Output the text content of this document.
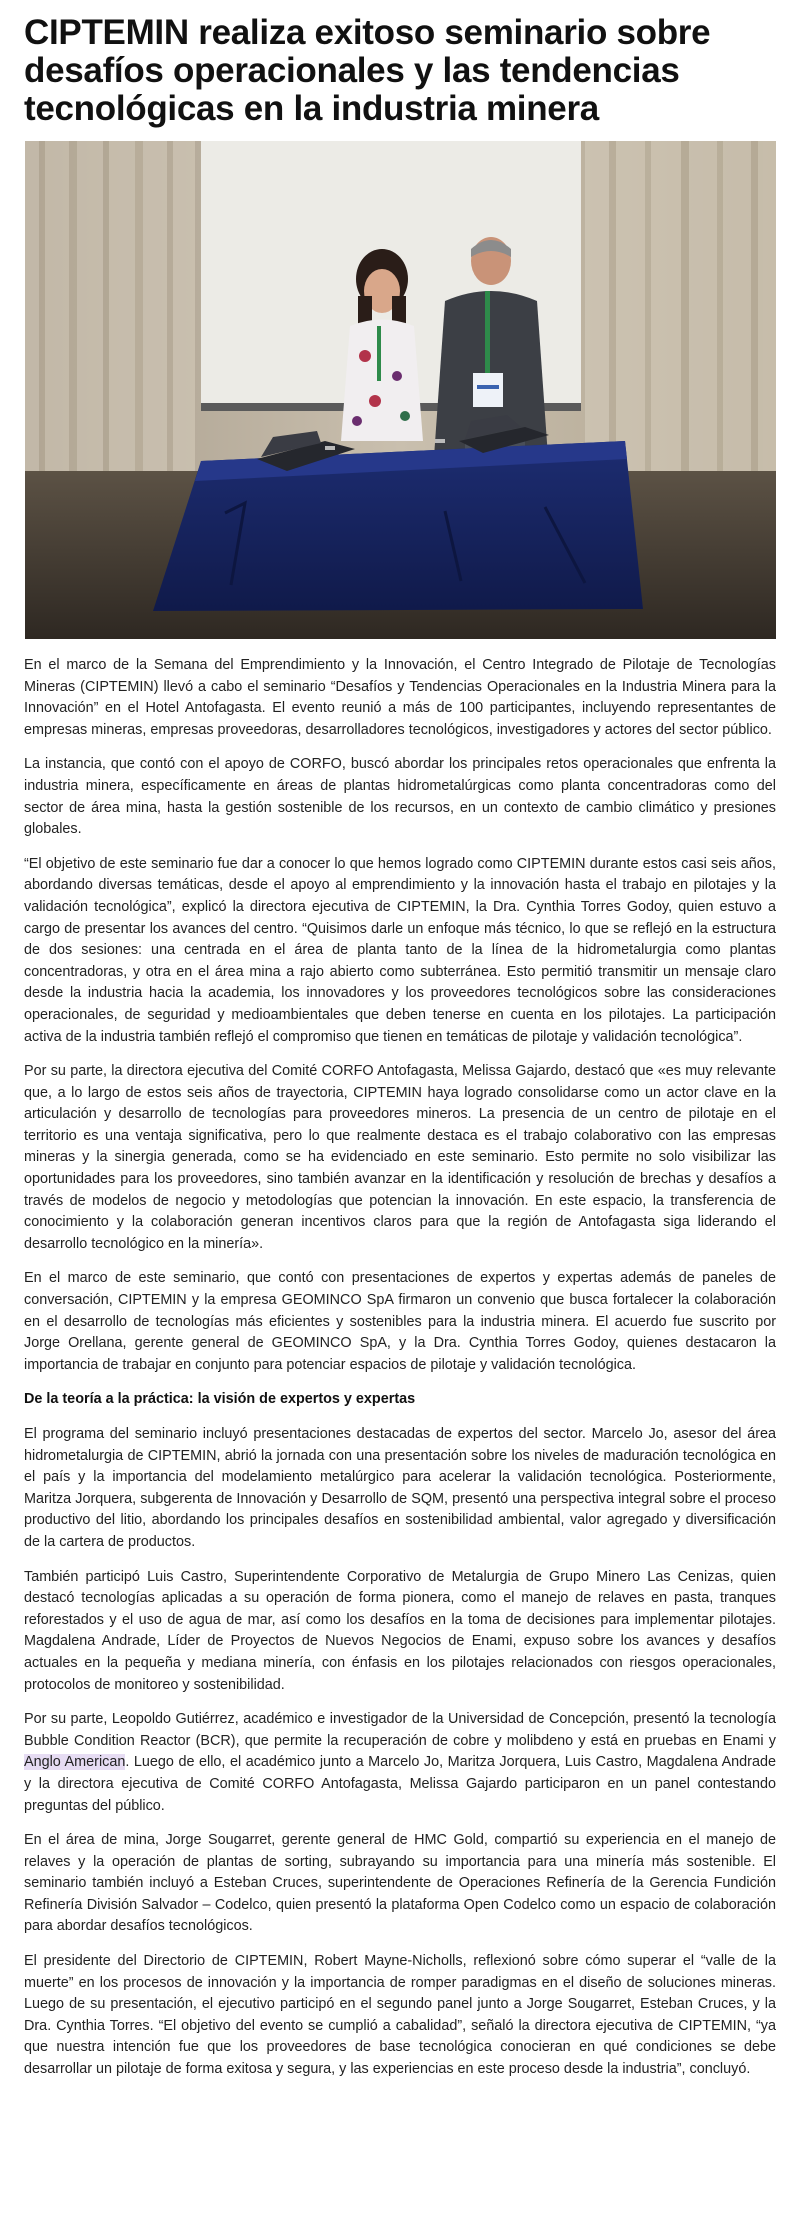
CIPTEMIN realiza exitoso seminario sobre desafíos operacionales y las tendencias tecnológicas en la industria minera

En el marco de la Semana del Emprendimiento y la Innovación, el Centro Integrado de Pilotaje de Tecnologías Mineras (CIPTEMIN) llevó a cabo el seminario “Desafíos y Tendencias Operacionales en la Industria Minera para la Innovación” en el Hotel Antofagasta. El evento reunió a más de 100 participantes, incluyendo representantes de empresas mineras, empresas proveedoras, desarrolladores tecnológicos, investigadores y actores del sector público.

La instancia, que contó con el apoyo de CORFO, buscó abordar los principales retos operacionales que enfrenta la industria minera, específicamente en áreas de plantas hidrometalúrgicas como planta concentradoras como del sector de área mina, hasta la gestión sostenible de los recursos, en un contexto de cambio climático y presiones globales.

“El objetivo de este seminario fue dar a conocer lo que hemos logrado como CIPTEMIN durante estos casi seis años, abordando diversas temáticas, desde el apoyo al emprendimiento y la innovación hasta el trabajo en pilotajes y la validación tecnológica”, explicó la directora ejecutiva de CIPTEMIN, la Dra. Cynthia Torres Godoy, quien estuvo a cargo de presentar los avances del centro. “Quisimos darle un enfoque más técnico, lo que se reflejó en la estructura de dos sesiones: una centrada en el área de planta tanto de la línea de la hidrometalurgia como plantas concentradoras, y otra en el área mina a rajo abierto como subterránea. Esto permitió transmitir un mensaje claro desde la industria hacia la academia, los innovadores y los proveedores tecnológicos sobre las consideraciones operacionales, de seguridad y medioambientales que deben tenerse en cuenta en los pilotajes. La participación activa de la industria también reflejó el compromiso que tienen en temáticas de pilotaje y validación tecnológica”.

Por su parte, la directora ejecutiva del Comité CORFO Antofagasta, Melissa Gajardo, destacó que «es muy relevante que, a lo largo de estos seis años de trayectoria, CIPTEMIN haya logrado consolidarse como un actor clave en la articulación y desarrollo de tecnologías para proveedores mineros. La presencia de un centro de pilotaje en el territorio es una ventaja significativa, pero lo que realmente destaca es el trabajo colaborativo con las empresas mineras y la sinergia generada, como se ha evidenciado en este seminario. Esto permite no solo visibilizar las oportunidades para los proveedores, sino también avanzar en la identificación y resolución de brechas y desafíos a través de modelos de negocio y metodologías que potencian la innovación. En este espacio, la transferencia de conocimiento y la colaboración generan incentivos claros para que la región de Antofagasta siga liderando el desarrollo tecnológico en la minería».

En el marco de este seminario, que contó con presentaciones de expertos y expertas además de paneles de conversación, CIPTEMIN y la empresa GEOMINCO SpA firmaron un convenio que busca fortalecer la colaboración en el desarrollo de tecnologías más eficientes y sostenibles para la industria minera. El acuerdo fue suscrito por Jorge Orellana, gerente general de GEOMINCO SpA, y la Dra. Cynthia Torres Godoy, quienes destacaron la importancia de trabajar en conjunto para potenciar espacios de pilotaje y validación tecnológica.

De la teoría a la práctica: la visión de expertos y expertas

El programa del seminario incluyó presentaciones destacadas de expertos del sector. Marcelo Jo, asesor del área hidrometalurgia de CIPTEMIN, abrió la jornada con una presentación sobre los niveles de maduración tecnológica en el país y la importancia del modelamiento metalúrgico para acelerar la validación tecnológica. Posteriormente, Maritza Jorquera, subgerenta de Innovación y Desarrollo de SQM, presentó una perspectiva integral sobre el proceso productivo del litio, abordando los principales desafíos en sostenibilidad ambiental, valor agregado y diversificación de la cartera de productos.

También participó Luis Castro, Superintendente Corporativo de Metalurgia de Grupo Minero Las Cenizas, quien destacó tecnologías aplicadas a su operación de forma pionera, como el manejo de relaves en pasta, tranques reforestados y el uso de agua de mar, así como los desafíos en la toma de decisiones para implementar pilotajes. Magdalena Andrade, Líder de Proyectos de Nuevos Negocios de Enami, expuso sobre los avances y desafíos actuales en la pequeña y mediana minería, con énfasis en los pilotajes relacionados con riesgos operacionales, protocolos de monitoreo y sostenibilidad.

Por su parte, Leopoldo Gutiérrez, académico e investigador de la Universidad de Concepción, presentó la tecnología Bubble Condition Reactor (BCR), que permite la recuperación de cobre y molibdeno y está en pruebas en Enami y Anglo American. Luego de ello, el académico junto a Marcelo Jo, Maritza Jorquera, Luis Castro, Magdalena Andrade y la directora ejecutiva de Comité CORFO Antofagasta, Melissa Gajardo participaron en un panel contestando preguntas del público.

En el área de mina, Jorge Sougarret, gerente general de HMC Gold, compartió su experiencia en el manejo de relaves y la operación de plantas de sorting, subrayando su importancia para una minería más sostenible. El seminario también incluyó a Esteban Cruces, superintendente de Operaciones Refinería de la Gerencia Fundición Refinería División Salvador – Codelco, quien presentó la plataforma Open Codelco como un espacio de colaboración para abordar desafíos tecnológicos.

El presidente del Directorio de CIPTEMIN, Robert Mayne-Nicholls, reflexionó sobre cómo superar el “valle de la muerte” en los procesos de innovación y la importancia de romper paradigmas en el diseño de soluciones mineras. Luego de su presentación, el ejecutivo participó en el segundo panel junto a Jorge Sougarret, Esteban Cruces, y la Dra. Cynthia Torres. “El objetivo del evento se cumplió a cabalidad”, señaló la directora ejecutiva de CIPTEMIN, “ya que nuestra intención fue que los proveedores de base tecnológica conocieran en qué condiciones se debe desarrollar un pilotaje de forma exitosa y segura, y las experiencias en este proceso desde la industria”, concluyó.
